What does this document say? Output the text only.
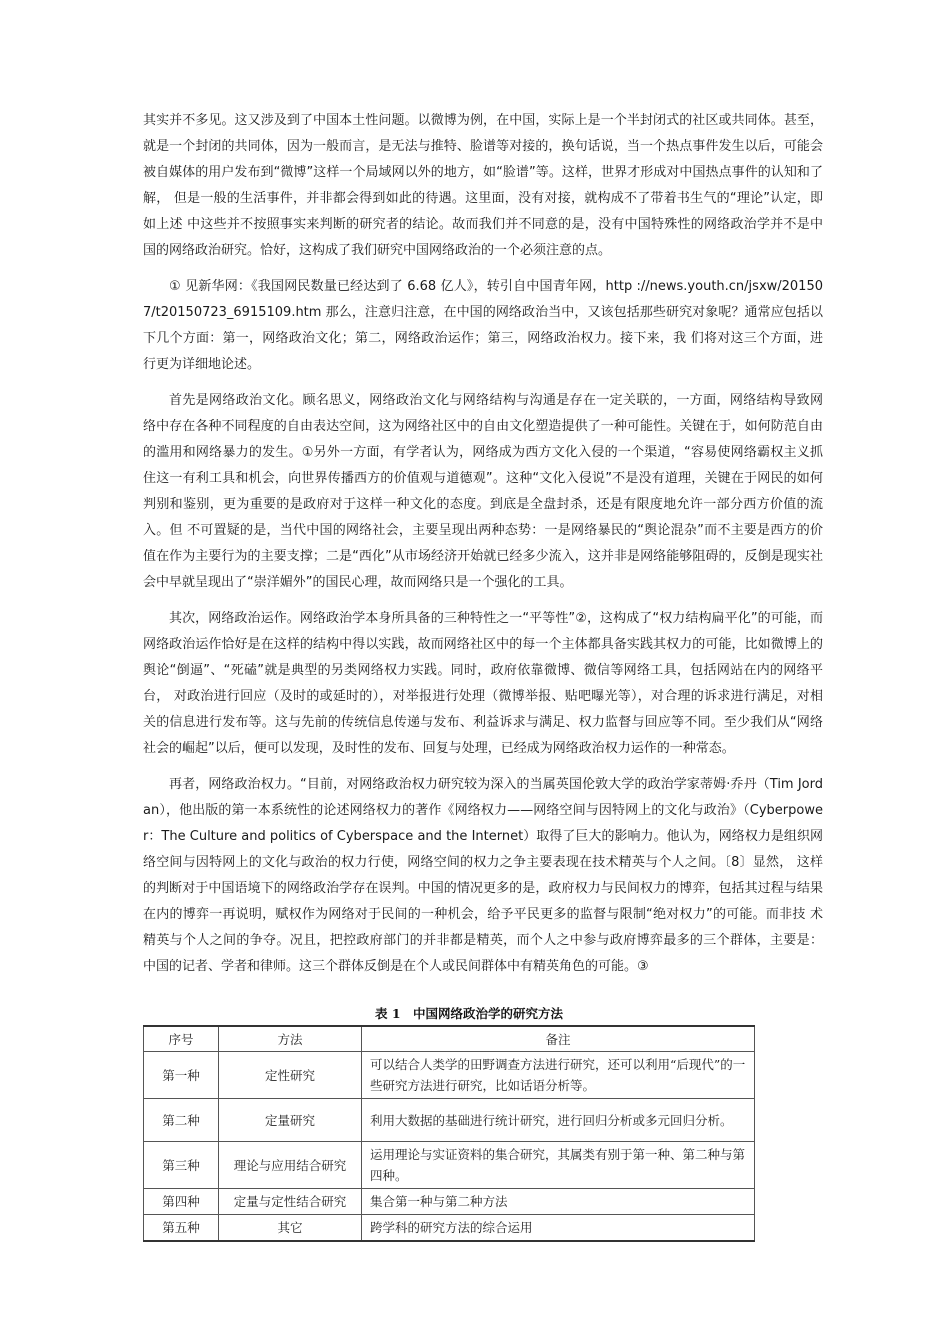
其实并不多见。这又涉及到了中国本土性问题。以微博为例，在中国，实际上是一个半封闭式的社区或共同体。甚至， 就是一个封闭的共同体，因为一般而言，是无法与推特、脸谱等对接的，换句话说，当一个热点事件发生以后，可能会被自媒体的用户发布到“微博”这样一个局域网以外的地方，如“脸谱”等。这样，世界才形成对中国热点事件的认知和了解， 但是一般的生活事件，并非都会得到如此的待遇。这里面，没有对接，就构成不了带着书生气的“理论”认定，即如上述 中这些并不按照事实来判断的研究者的结论。故而我们并不同意的是，没有中国特殊性的网络政治学并不是中国的网络政治研究。恰好，这构成了我们研究中国网络政治的一个必须注意的点。

① 见新华网：《我国网民数量已经达到了 6.68 亿人》，转引自中国青年网，http ://news.youth.cn/jsxw/201507/t20150723_6915109.htm 那么，注意归注意，在中国的网络政治当中，又该包括那些研究对象呢？通常应包括以下几个方面：第一，网络政治文化；第二，网络政治运作；第三，网络政治权力。接下来，我 们将对这三个方面，进行更为详细地论述。

首先是网络政治文化。顾名思义，网络政治文化与网络结构与沟通是存在一定关联的，一方面，网络结构导致网 络中存在各种不同程度的自由表达空间，这为网络社区中的自由文化塑造提供了一种可能性。关键在于，如何防范自由 的滥用和网络暴力的发生。①另外一方面，有学者认为，网络成为西方文化入侵的一个渠道，“容易使网络霸权主义抓住这一有利工具和机会，向世界传播西方的价值观与道德观”。这种“文化入侵说”不是没有道理，关键在于网民的如何判别和鉴别，更为重要的是政府对于这样一种文化的态度。到底是全盘封杀，还是有限度地允许一部分西方价值的流入。但 不可置疑的是，当代中国的网络社会，主要呈现出两种态势：一是网络暴民的“舆论混杂”而不主要是西方的价值在作为主要行为的主要支撑；二是“西化”从市场经济开始就已经多少流入，这并非是网络能够阻碍的，反倒是现实社会中早就呈现出了“崇洋媚外”的国民心理，故而网络只是一个强化的工具。

其次，网络政治运作。网络政治学本身所具备的三种特性之一“平等性”②，这构成了“权力结构扁平化”的可能，而网络政治运作恰好是在这样的结构中得以实践，故而网络社区中的每一个主体都具备实践其权力的可能，比如微博上的舆论“倒逼”、“死磕”就是典型的另类网络权力实践。同时，政府依靠微博、微信等网络工具，包括网站在内的网络平台， 对政治进行回应（及时的或延时的），对举报进行处理（微博举报、贴吧曝光等），对合理的诉求进行满足，对相关的信息进行发布等。这与先前的传统信息传递与发布、利益诉求与满足、权力监督与回应等不同。至少我们从“网络社会的崛起”以后，便可以发现，及时性的发布、回复与处理，已经成为网络政治权力运作的一种常态。

再者，网络政治权力。“目前，对网络政治权力研究较为深入的当属英国伦敦大学的政治学家蒂姆·乔丹（Tim Jordan），他出版的第一本系统性的论述网络权力的著作《网络权力——网络空间与因特网上的文化与政治》（Cyberpower：The Culture and politics of Cyberspace and the Internet）取得了巨大的影响力。他认为，网络权力是组织网络空间与因特网上的文化与政治的权力行使，网络空间的权力之争主要表现在技术精英与个人之间。〔8〕显然， 这样的判断对于中国语境下的网络政治学存在误判。中国的情况更多的是，政府权力与民间权力的博弈，包括其过程与结果在内的博弈一再说明，赋权作为网络对于民间的一种机会，给予平民更多的监督与限制“绝对权力”的可能。而非技 术精英与个人之间的争夺。况且，把控政府部门的并非都是精英，而个人之中参与政府博弈最多的三个群体，主要是： 中国的记者、学者和律师。这三个群体反倒是在个人或民间群体中有精英角色的可能。③

表 1　中国网络政治学的研究方法
序号	方法	备注
第一种	定性研究	可以结合人类学的田野调查方法进行研究，还可以利用“后现代”的一些研究方法进行研究，比如话语分析等。
第二种	定量研究	利用大数据的基础进行统计研究，进行回归分析或多元回归分析。
第三种	理论与应用结合研究	运用理论与实证资料的集合研究，其属类有别于第一种、第二种与第四种。
第四种	定量与定性结合研究	集合第一种与第二种方法
第五种	其它	跨学科的研究方法的综合运用
